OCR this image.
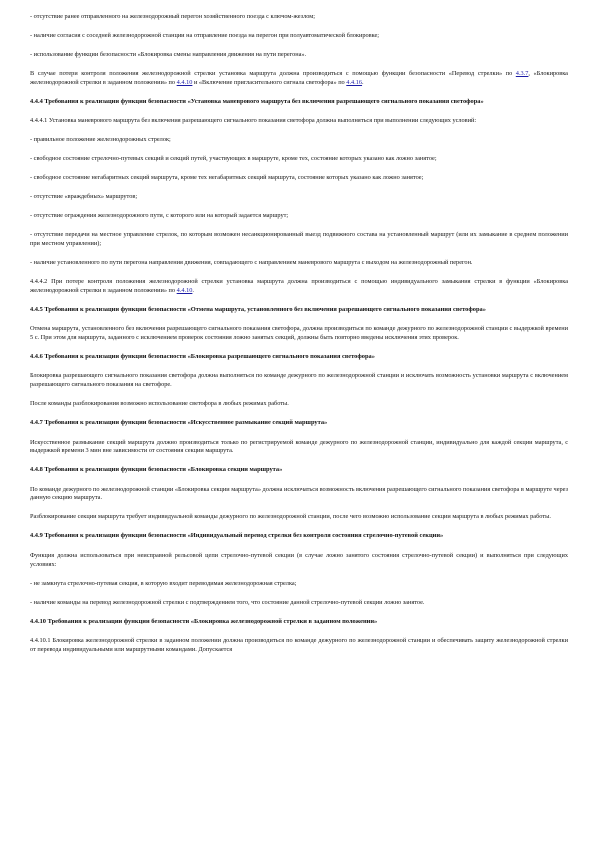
- отсутствие ранее отправленного на железнодорожный перегон хозяйственного поезда с ключом-жезлом;

- наличие согласия с соседней железнодорожной станции на отправление поезда на перегон при полуавтоматической блокировке;

- использование функции безопасности «Блокировка смены направления движения на пути перегона».

В случае потери контроля положения железнодорожной стрелки установка маршрута должна производиться с помощью функции безопасности «Перевод стрелки» по 4.3.7, «Блокировка железнодорожной стрелки в заданном положении» по 4.4.10 и «Включение пригласительного сигнала светофора» по 4.4.16.

4.4.4 Требования к реализации функции безопасности «Установка маневрового маршрута без включения разрешающего сигнального показания светофора»

4.4.4.1 Установка маневрового маршрута без включения разрешающего сигнального показания светофора должна выполняться при выполнении следующих условий:

- правильное положение железнодорожных стрелок;

- свободное состояние стрелочно-путевых секций и секций путей, участвующих в маршруте, кроме тех, состояние которых указано как ложно занятое;

- свободное состояние негабаритных секций маршрута, кроме тех негабаритных секций маршрута, состояние которых указано как ложно занятое;

- отсутствие «враждебных» маршрутов;

- отсутствие ограждения железнодорожного пути, с которого или на который задается маршрут;

- отсутствие передачи на местное управление стрелок, по которым возможен несанкционированный выезд подвижного состава на установленный маршрут (или их замыкание в среднем положении при местном управлении);

- наличие установленного по пути перегона направления движения, совпадающего с направлением маневрового маршрута с выходом на железнодорожный перегон.

4.4.4.2 При потере контроля положения железнодорожной стрелки установка маршрута должна производиться с помощью индивидуального замыкания стрелки в функции «Блокировка железнодорожной стрелки в заданном положении» по 4.4.10.

4.4.5 Требования к реализации функции безопасности «Отмена маршрута, установленного без включения разрешающего сигнального показания светофора»

Отмена маршрута, установленного без включения разрешающего сигнального показания светофора, должна производиться по команде дежурного по железнодорожной станции с выдержкой времени 5 с. При этом для маршрута, заданного с исключением проверок состояния ложно занятых секций, должны быть повторно введены исключения этих проверок.

4.4.6 Требования к реализации функции безопасности «Блокировка разрешающего сигнального показания светофора»

Блокировка разрешающего сигнального показания светофора должна выполняться по команде дежурного по железнодорожной станции и исключать возможность установки маршрута с включением разрешающего сигнального показания на светофоре.

После команды разблокирования возможно использование светофора в любых режимах работы.

4.4.7 Требования к реализации функции безопасности «Искусственное размыкание секций маршрута»

Искусственное размыкание секций маршрута должно производиться только по регистрируемой команде дежурного по железнодорожной станции, индивидуально для каждой секции маршрута, с выдержкой времени 3 мин вне зависимости от состояния секции маршрута.

4.4.8 Требования к реализации функции безопасности «Блокировка секции маршрута»

По команде дежурного по железнодорожной станции «Блокировка секции маршрута» должна исключаться возможность включения разрешающего сигнального показания светофора в маршруте через данную секцию маршрута.

Разблокирование секции маршрута требует индивидуальной команды дежурного по железнодорожной станции, после чего возможно использование секции маршрута в любых режимах работы.

4.4.9 Требования к реализации функции безопасности «Индивидуальный перевод стрелки без контроля состояния стрелочно-путевой секции»

Функция должна использоваться при неисправной рельсовой цепи стрелочно-путевой секции (в случае ложно занятого состояния стрелочно-путевой секции) и выполняться при следующих условиях:

- не замкнута стрелочно-путевая секция, в которую входит переводимая железнодорожная стрелка;

- наличие команды на перевод железнодорожной стрелки с подтверждением того, что состояние данной стрелочно-путевой секции ложно занятое.

4.4.10 Требования к реализации функции безопасности «Блокировка железнодорожной стрелки в заданном положении»

4.4.10.1 Блокировка железнодорожной стрелки в заданном положении должна производиться по команде дежурного по железнодорожной станции и обеспечивать защиту железнодорожной стрелки от перевода индивидуальными или маршрутными командами. Допускается
